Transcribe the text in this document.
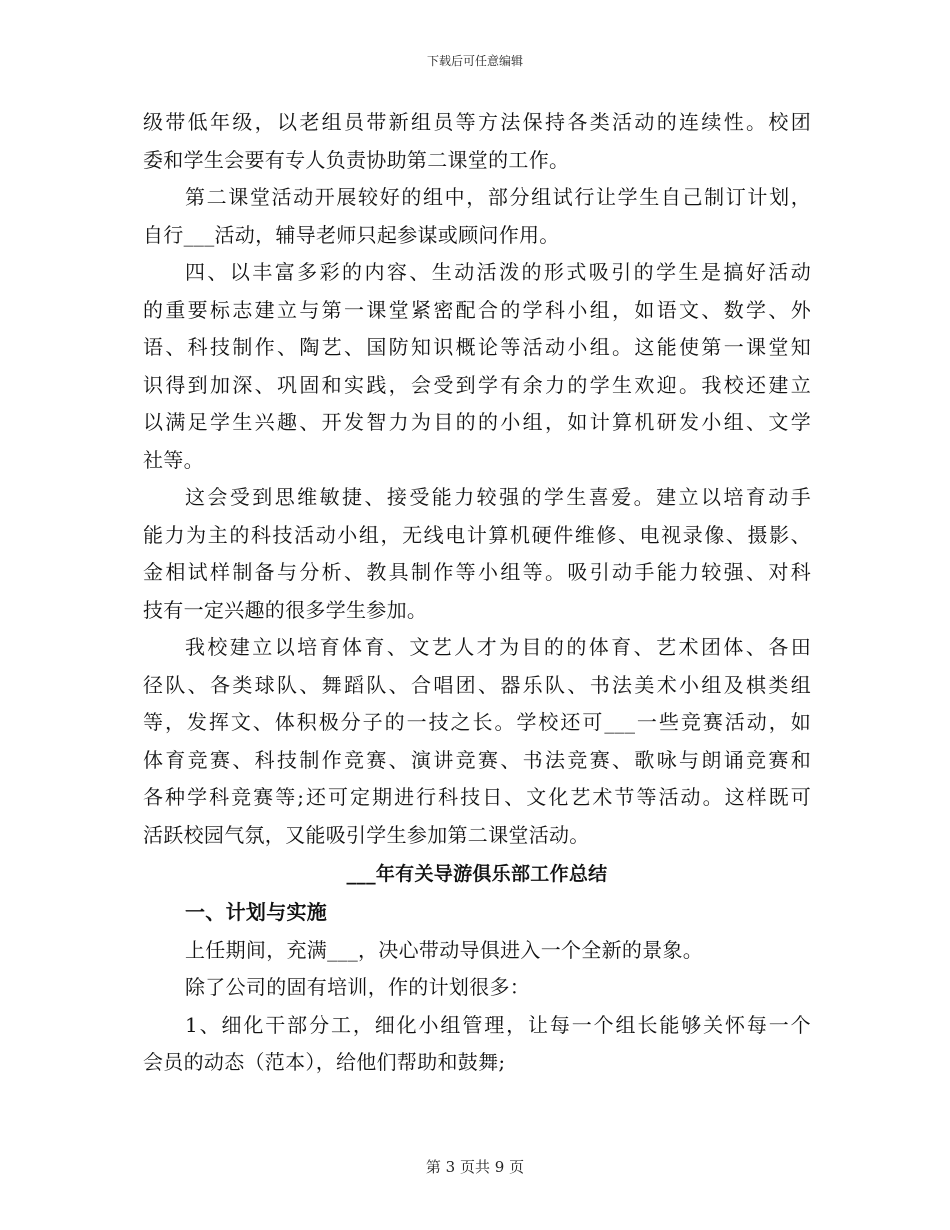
下载后可任意编辑
级带低年级，以老组员带新组员等方法保持各类活动的连续性。校团
委和学生会要有专人负责协助第二课堂的工作。
第二课堂活动开展较好的组中，部分组试行让学生自己制订计划，
自行___活动，辅导老师只起参谋或顾问作用。
四、以丰富多彩的内容、生动活泼的形式吸引的学生是搞好活动
的重要标志建立与第一课堂紧密配合的学科小组，如语文、数学、外
语、科技制作、陶艺、国防知识概论等活动小组。这能使第一课堂知
识得到加深、巩固和实践，会受到学有余力的学生欢迎。我校还建立
以满足学生兴趣、开发智力为目的的小组，如计算机研发小组、文学
社等。
这会受到思维敏捷、接受能力较强的学生喜爱。建立以培育动手
能力为主的科技活动小组，无线电计算机硬件维修、电视录像、摄影、
金相试样制备与分析、教具制作等小组等。吸引动手能力较强、对科
技有一定兴趣的很多学生参加。
我校建立以培育体育、文艺人才为目的的体育、艺术团体、各田
径队、各类球队、舞蹈队、合唱团、器乐队、书法美术小组及棋类组
等，发挥文、体积极分子的一技之长。学校还可___一些竞赛活动，如
体育竞赛、科技制作竞赛、演讲竞赛、书法竞赛、歌咏与朗诵竞赛和
各种学科竞赛等;还可定期进行科技日、文化艺术节等活动。这样既可
活跃校园气氛，又能吸引学生参加第二课堂活动。
___年有关导游俱乐部工作总结
一、计划与实施
上任期间，充满___，决心带动导俱进入一个全新的景象。
除了公司的固有培训，作的计划很多：
1、细化干部分工，细化小组管理，让每一个组长能够关怀每一个
会员的动态（范本），给他们帮助和鼓舞;
第 3 页共 9 页
